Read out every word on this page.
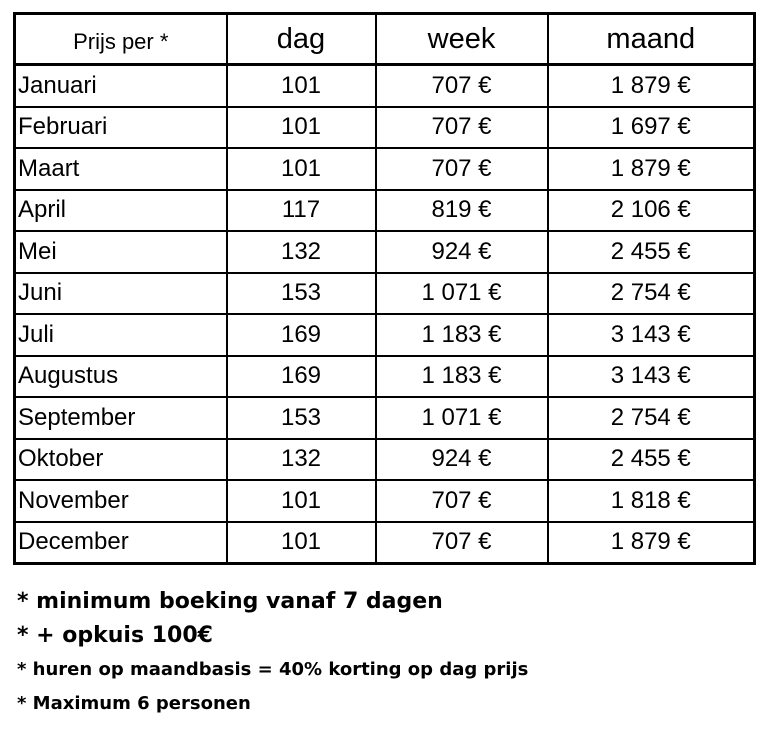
Prijs per *	dag	week	maand
Januari	101	707 €	1 879 €
Februari	101	707 €	1 697 €
Maart	101	707 €	1 879 €
April	117	819 €	2 106 €
Mei	132	924 €	2 455 €
Juni	153	1 071 €	2 754 €
Juli	169	1 183 €	3 143 €
Augustus	169	1 183 €	3 143 €
September	153	1 071 €	2 754 €
Oktober	132	924 €	2 455 €
November	101	707 €	1 818 €
December	101	707 €	1 879 €
* minimum boeking vanaf 7 dagen
* + opkuis 100€
* huren op maandbasis = 40% korting op dag prijs
* Maximum 6 personen
